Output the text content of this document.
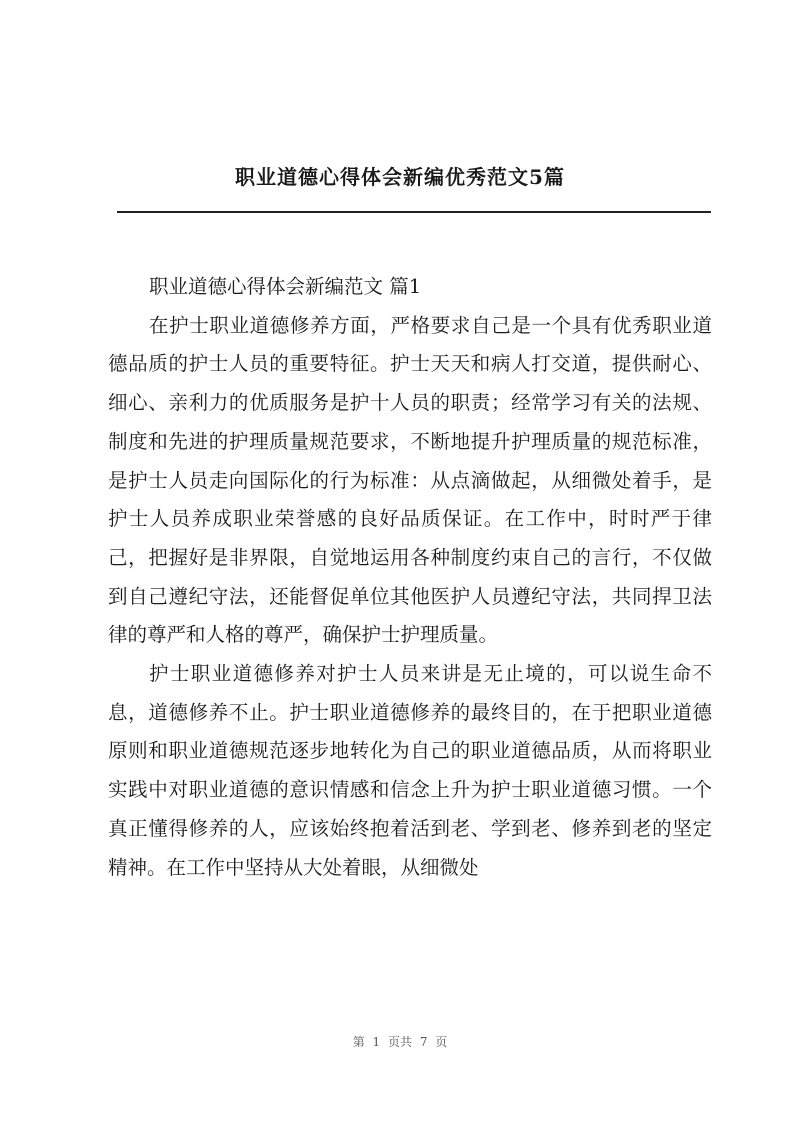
职业道德心得体会新编优秀范文5篇
职业道德心得体会新编范文 篇1

在护士职业道德修养方面，严格要求自己是一个具有优秀职业道德品质的护士人员的重要特征。护士天天和病人打交道，提供耐心、细心、亲利力的优质服务是护十人员的职责；经常学习有关的法规、制度和先进的护理质量规范要求，不断地提升护理质量的规范标准，是护士人员走向国际化的行为标准：从点滴做起，从细微处着手，是护士人员养成职业荣誉感的良好品质保证。在工作中，时时严于律己，把握好是非界限，自觉地运用各种制度约束自己的言行，不仅做到自己遵纪守法，还能督促单位其他医护人员遵纪守法，共同捍卫法律的尊严和人格的尊严，确保护士护理质量。

护士职业道德修养对护士人员来讲是无止境的，可以说生命不息，道德修养不止。护士职业道德修养的最终目的，在于把职业道德原则和职业道德规范逐步地转化为自己的职业道德品质，从而将职业实践中对职业道德的意识情感和信念上升为护士职业道德习惯。一个真正懂得修养的人，应该始终抱着活到老、学到老、修养到老的坚定精神。在工作中坚持从大处着眼，从细微处

第 1 页共 7 页
